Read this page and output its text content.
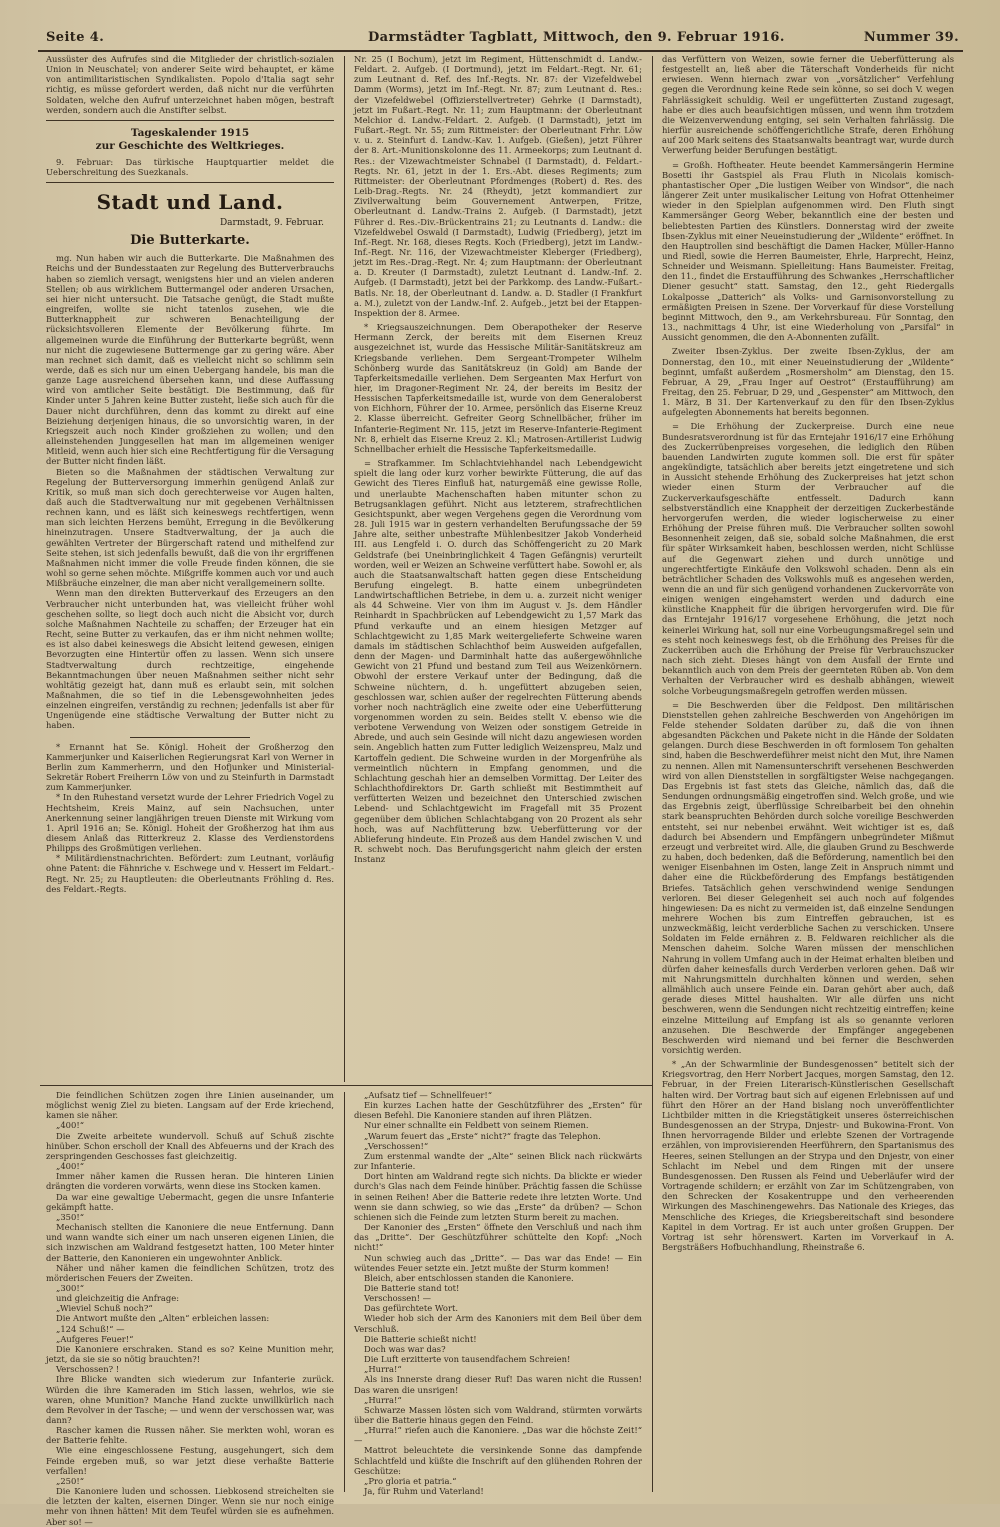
Seite 4.	Darmstädter Tagblatt, Mittwoch, den 9. Februar 1916.	Nummer 39.

Aussüster des Aufrufes sind die Mitglieder der christlich-sozialen Union in Neuschatel; von anderer Seite wird behauptet, er käme von antimilitaristischen Syndikalisten. Popolo d'Italia sagt sehr richtig, es müsse gefordert werden, daß nicht nur die verführten Soldaten, welche den Aufruf unterzeichnet haben mögen, bestraft werden, sondern auch die Anstifter selbst.

Tageskalender 1915
zur Geschichte des Weltkrieges.

9. Februar: Das türkische Hauptquartier meldet die Ueberschreitung des Suezkanals.

Stadt und Land.
Darmstadt, 9. Februar.
Die Butterkarte.

mg. Nun haben wir auch die Butterkarte. Die Maßnahmen des Reichs und der Bundesstaaten zur Regelung des Butterverbrauchs haben so ziemlich versagt, wenigstens hier und an vielen anderen Stellen; ob aus wirklichem Buttermangel oder anderen Ursachen, sei hier nicht untersucht. Die Tatsache genügt, die Stadt mußte eingreifen, wollte sie nicht tatenlos zusehen, wie die Butterknappheit zur schweren Benachteiligung der rücksichtsvolleren Elemente der Bevölkerung führte. Im allgemeinen wurde die Einführung der Butterkarte begrüßt, wenn nur nicht die zugewiesene Buttermenge gar zu gering wäre. Aber man rechnet sich damit, daß es vielleicht nicht so schlimm sein werde, daß es sich nur um einen Uebergang handele, bis man die ganze Lage ausreichend übersehen kann, und diese Auffassung wird von amtlicher Seite bestätigt. Die Bestimmung, daß für Kinder unter 5 Jahren keine Butter zusteht, ließe sich auch für die Dauer nicht durchführen, denn das kommt zu direkt auf eine Beiziehung derjenigen hinaus, die so unvorsichtig waren, in der Kriegszeit auch noch Kinder großziehen zu wollen; und den alleinstehenden Junggesellen hat man im allgemeinen weniger Mitleid, wenn auch hier sich eine Rechtfertigung für die Versagung der Butter nicht finden läßt.

Bieten so die Maßnahmen der städtischen Verwaltung zur Regelung der Butterversorgung immerhin genügend Anlaß zur Kritik, so muß man sich doch gerechterweise vor Augen halten, daß auch die Stadtverwaltung nur mit gegebenen Verhältnissen rechnen kann, und es läßt sich keineswegs rechtfertigen, wenn man sich leichten Herzens bemüht, Erregung in die Bevölkerung hineinzutragen. Unsere Stadtverwaltung, der ja auch die gewählten Vertreter der Bürgerschaft ratend und mithelfend zur Seite stehen, ist sich jedenfalls bewußt, daß die von ihr ergriffenen Maßnahmen nicht immer die volle Freude finden können, die sie wohl so gerne sehen möchte. Mißgriffe kommen auch vor und auch Mißbräuche einzelner, die man aber nicht verallgemeinern sollte.

Wenn man den direkten Butterverkauf des Erzeugers an den Verbraucher nicht unterbunden hat, was vielleicht früher wohl geschehen sollte, so liegt doch auch nicht die Absicht vor, durch solche Maßnahmen Nachteile zu schaffen; der Erzeuger hat ein Recht, seine Butter zu verkaufen, das er ihm nicht nehmen wollte; es ist also dabei keineswegs die Absicht leitend gewesen, einigen Bevorzugten eine Hintertür offen zu lassen. Wenn sich unsere Stadtverwaltung durch rechtzeitige, eingehende Bekanntmachungen über neuen Maßnahmen seither nicht sehr wohltätig gezeigt hat, dann muß es erlaubt sein, mit solchen Maßnahmen, die so tief in die Lebensgewohnheiten jedes einzelnen eingreifen, verständig zu rechnen; jedenfalls ist aber für Ungenügende eine städtische Verwaltung der Butter nicht zu haben.

* Ernannt hat Se. Königl. Hoheit der Großherzog den Kammerjunker und Kaiserlichen Regierungsrat Karl von Werner in Berlin zum Kammerherrn, und den Hofjunker und Ministerial-Sekretär Robert Freiherrn Löw von und zu Steinfurth in Darmstadt zum Kammerjunker.

* In den Ruhestand versetzt wurde der Lehrer Friedrich Vogel zu Hechtsheim, Kreis Mainz, auf sein Nachsuchen, unter Anerkennung seiner langjährigen treuen Dienste mit Wirkung vom 1. April 1916 an; Se. Königl. Hoheit der Großherzog hat ihm aus diesem Anlaß das Ritterkreuz 2. Klasse des Verdienstordens Philipps des Großmütigen verliehen.

* Militärdienstnachrichten. Befördert: zum Leutnant, vorläufig ohne Patent: die Fähnriche v. Eschwege und v. Hessert im Feldart.-Regt. Nr. 25; zu Hauptleuten: die Oberleutnants Fröhling d. Res. des Feldart.-Regts.

Nr. 25 (I Bochum), jetzt im Regiment, Hüttenschmidt d. Landw.-Feldart. 2. Aufgeb. (I Dortmund), jetzt im Feldart.-Regt. Nr. 61; zum Leutnant d. Ref. des Inf.-Regts. Nr. 87: der Vizefeldwebel Damm (Worms), jetzt im Inf.-Regt. Nr. 87; zum Leutnant d. Res.: der Vizefeldwebel (Offizierstellvertreter) Gehrke (I Darmstadt), jetzt im Fußart.-Regt. Nr. 11; zum Hauptmann: der Oberleutnant Melchior d. Landw.-Feldart. 2. Aufgeb. (I Darmstadt), jetzt im Fußart.-Regt. Nr. 55; zum Rittmeister: der Oberleutnant Frhr. Löw v. u. z. Steinfurt d. Landw.-Kav. 1. Aufgeb. (Gießen), jetzt Führer der 8. Art.-Munitionskolonne des 11. Armeekorps; zum Leutnant d. Res.: der Vizewachtmeister Schnabel (I Darmstadt), d. Feldart.-Regts. Nr. 61, jetzt in der 1. Ers.-Abt. dieses Regiments; zum Rittmeister: der Oberleutnant Pfordmenges (Robert) d. Res. des Leib-Drag.-Regts. Nr. 24 (Rheydt), jetzt kommandiert zur Zivilverwaltung beim Gouvernement Antwerpen, Fritze, Oberleutnant d. Landw.-Trains 2. Aufgeb. (I Darmstadt), jetzt Führer d. Res.-Div.-Brückentrains 21; zu Leutnants d. Landw.: die Vizefeldwebel Oswald (I Darmstadt), Ludwig (Friedberg), jetzt im Inf.-Regt. Nr. 168, dieses Regts. Koch (Friedberg), jetzt im Landw.-Inf.-Regt. Nr. 116, der Vizewachtmeister Kleberger (Friedberg), jetzt im Res.-Drag.-Regt. Nr. 4; zum Hauptmann: der Oberleutnant a. D. Kreuter (I Darmstadt), zuletzt Leutnant d. Landw.-Inf. 2. Aufgeb. (I Darmstadt), jetzt bei der Parkkomp. des Landw.-Fußart.-Batls. Nr. 18, der Oberleutnant d. Landw. a. D. Stadler (I Frankfurt a. M.), zuletzt von der Landw.-Inf. 2. Aufgeb., jetzt bei der Etappen-Inspektion der 8. Armee.

* Kriegsauszeichnungen. Dem Oberapotheker der Reserve Hermann Zerck, der bereits mit dem Eisernen Kreuz ausgezeichnet ist, wurde das Hessische Militär-Sanitätskreuz am Kriegsbande verliehen. Dem Sergeant-Trompeter Wilhelm Schönberg wurde das Sanitätskreuz (in Gold) am Bande der Tapferkeitsmedaille verliehen. Dem Sergeanten Max Herfurt von hier, im Dragoner-Regiment Nr. 24, der bereits im Besitz der Hessischen Tapferkeitsmedaille ist, wurde von dem Generaloberst von Eichhorn, Führer der 10. Armee, persönlich das Eiserne Kreuz 2. Klasse überreicht. Gefreiter Georg Schnellbächer, früher im Infanterie-Regiment Nr. 115, jetzt im Reserve-Infanterie-Regiment Nr. 8, erhielt das Eiserne Kreuz 2. Kl.; Matrosen-Artillerist Ludwig Schnellbacher erhielt die Hessische Tapferkeitsmedaille.

= Strafkammer. Im Schlachtviehhandel nach Lebendgewicht spielt die lang oder kurz vorher bewirkte Fütterung, die auf das Gewicht des Tieres Einfluß hat, naturgemäß eine gewisse Rolle, und unerlaubte Machenschaften haben mitunter schon zu Betrugsanklagen geführt. Nicht aus letzterem, strafrechtlichen Gesichtspunkt, aber wegen Vergehens gegen die Verordnung vom 28. Juli 1915 war in gestern verhandelten Berufungssache der 59 Jahre alte, seither unbestrafte Mühlenbesitzer Jakob Vonderheid III. aus Lengfeld i. O. durch das Schöffengericht zu 20 Mark Geldstrafe (bei Uneinbringlichkeit 4 Tagen Gefängnis) verurteilt worden, weil er Weizen an Schweine verfüttert habe. Sowohl er, als auch die Staatsanwaltschaft hatten gegen diese Entscheidung Berufung eingelegt. B. hatte einem unbegründeten Landwirtschaftlichen Betriebe, in dem u. a. zurzeit nicht weniger als 44 Schweine. Vier von ihm im August v. Js. dem Händler Reinhardt in Spachbrücken auf Lebendgewicht zu 1,57 Mark das Pfund verkaufte und an einem hiesigen Metzger auf Schlachtgewicht zu 1,85 Mark weitergelieferte Schweine waren damals im städtischen Schlachthof beim Ausweiden aufgefallen, denn der Magen- und Darminhalt hatte das außergewöhnliche Gewicht von 21 Pfund und bestand zum Teil aus Weizenkörnern. Obwohl der erstere Verkauf unter der Bedingung, daß die Schweine nüchtern, d. h. ungefüttert abzugeben seien, geschlossen war, schien außer der regelrechten Fütterung abends vorher noch nachträglich eine zweite oder eine Ueberfütterung vorgenommen worden zu sein. Beides stellt V. ebenso wie die verbotene Verwendung von Weizen oder sonstigem Getreide in Abrede, und auch sein Gesinde will nicht dazu angewiesen worden sein. Angeblich hatten zum Futter lediglich Weizenspreu, Malz und Kartoffeln gedient. Die Schweine wurden in der Morgenfrühe als vermeintlich nüchtern in Empfang genommen, und die Schlachtung geschah hier an demselben Vormittag. Der Leiter des Schlachthofdirektors Dr. Garth schließt mit Bestimmtheit auf verfütterten Weizen und bezeichnet den Unterschied zwischen Lebend- und Schlachtgewicht im Fragefall mit 35 Prozent gegenüber dem üblichen Schlachtabgang von 20 Prozent als sehr hoch, was auf Nachfütterung bzw. Ueberfütterung vor der Ablieferung hindeute. Ein Prozeß aus dem Handel zwischen V. und R. schwebt noch. Das Berufungsgericht nahm gleich der ersten Instanz

das Verfüttern von Weizen, sowie ferner die Ueberfütterung als festgestellt an, ließ aber die Täterschaft Vonderheids für nicht erwiesen. Wenn hiernach zwar von „vorsätzlicher“ Verfehlung gegen die Verordnung keine Rede sein könne, so sei doch V. wegen Fahrlässigkeit schuldig. Weil er ungefütterten Zustand zugesagt, habe er dies auch beaufsichtigen müssen, und wenn ihm trotzdem die Weizenverwendung entging, sei sein Verhalten fahrlässig. Die hierfür ausreichende schöffengerichtliche Strafe, deren Erhöhung auf 200 Mark seitens des Staatsanwalts beantragt war, wurde durch Verwerfung beider Berufungen bestätigt.

= Großh. Hoftheater. Heute beendet Kammersängerin Hermine Bosetti ihr Gastspiel als Frau Fluth in Nicolais komisch-phantastischer Oper „Die lustigen Weiber von Windsor“, die nach längerer Zeit unter musikalischer Leitung von Hofrat Ottenheimer wieder in den Spielplan aufgenommen wird. Den Fluth singt Kammersänger Georg Weber, bekanntlich eine der besten und beliebtesten Partien des Künstlers. Donnerstag wird der zweite Ibsen-Zyklus mit einer Neueinstudierung der „Wildente“ eröffnet. In den Hauptrollen sind beschäftigt die Damen Hacker, Müller-Hanno und Riedl, sowie die Herren Baumeister, Ehrle, Harprecht, Heinz, Schneider und Weismann. Spielleitung: Hans Baumeister. Freitag, den 11., findet die Erstaufführung des Schwankes „Herrschaftlicher Diener gesucht“ statt. Samstag, den 12., geht Riedergalls Lokalposse „Datterich“ als Volks- und Garnisonvorstellung zu ermäßigten Preisen in Szene. Der Vorverkauf für diese Vorstellung beginnt Mittwoch, den 9., am Verkehrsbureau. Für Sonntag, den 13., nachmittags 4 Uhr, ist eine Wiederholung von „Parsifal“ in Aussicht genommen, die den A-Abonnenten zufällt.

Zweiter Ibsen-Zyklus. Der zweite Ibsen-Zyklus, der am Donnerstag, den 10., mit einer Neueinstudierung der „Wildente“ beginnt, umfaßt außerdem „Rosmersholm“ am Dienstag, den 15. Februar, A 29, „Frau Inger auf Oestrot“ (Erstaufführung) am Freitag, den 25. Februar, D 29, und „Gespenster“ am Mittwoch, den 1. März, B 31. Der Kartenverkauf zu den für den Ibsen-Zyklus aufgelegten Abonnements hat bereits begonnen.

= Die Erhöhung der Zuckerpreise. Durch eine neue Bundesratsverordnung ist für das Erntejahr 1916/17 eine Erhöhung des Zuckerrübenpreises vorgesehen, die lediglich den Rüben bauenden Landwirten zugute kommen soll. Die erst für später angekündigte, tatsächlich aber bereits jetzt eingetretene und sich in Aussicht stehende Erhöhung des Zuckerpreises hat jetzt schon wieder einen Sturm der Verbraucher auf die Zuckerverkaufsgeschäfte entfesselt. Dadurch kann selbstverständlich eine Knappheit der derzeitigen Zuckerbestände hervorgerufen werden, die wieder logischerweise zu einer Erhöhung der Preise führen muß. Die Verbraucher sollten sowohl Besonnenheit zeigen, daß sie, sobald solche Maßnahmen, die erst für später Wirksamkeit haben, beschlossen werden, nicht Schlüsse auf die Gegenwart ziehen und durch unnötige und ungerechtfertigte Einkäufe den Volkswohl schaden. Denn als ein beträchtlicher Schaden des Volkswohls muß es angesehen werden, wenn die an und für sich genügend vorhandenen Zuckervorräte von einigen wenigen eingehamstert werden und dadurch eine künstliche Knappheit für die übrigen hervorgerufen wird. Die für das Erntejahr 1916/17 vorgesehene Erhöhung, die jetzt noch keinerlei Wirkung hat, soll nur eine Vorbeugungsmaßregel sein und es steht noch keineswegs fest, ob die Erhöhung des Preises für die Zuckerrüben auch die Erhöhung der Preise für Verbrauchszucker nach sich zieht. Dieses hängt von dem Ausfall der Ernte und bekanntlich auch von dem Preis der geernteten Rüben ab. Von dem Verhalten der Verbraucher wird es deshalb abhängen, wieweit solche Vorbeugungsmaßregeln getroffen werden müssen.

= Die Beschwerden über die Feldpost. Den militärischen Dienststellen gehen zahlreiche Beschwerden von Angehörigen im Felde stehender Soldaten darüber zu, daß die von ihnen abgesandten Päckchen und Pakete nicht in die Hände der Soldaten gelangen. Durch diese Beschwerden in oft formlosem Ton gehalten sind, haben die Beschwerdeführer meist nicht den Mut, ihre Namen zu nennen. Allen mit Namensunterschrift versehenen Beschwerden wird von allen Dienststellen in sorgfältigster Weise nachgegangen. Das Ergebnis ist fast stets das Gleiche, nämlich das, daß die Sendungen ordnungsmäßig eingetroffen sind. Welch große, und wie das Ergebnis zeigt, überflüssige Schreibarbeit bei den ohnehin stark beanspruchten Behörden durch solche voreilige Beschwerden entsteht, sei nur nebenbei erwähnt. Weit wichtiger ist es, daß dadurch bei Absendern und Empfängern unbegründeter Mißmut erzeugt und verbreitet wird. Alle, die glauben Grund zu Beschwerde zu haben, doch bedenken, daß die Beförderung, namentlich bei den weniger Eisenbahnen im Osten, lange Zeit in Anspruch nimmt und daher eine die Rückbeförderung des Empfangs bestätigenden Briefes. Tatsächlich gehen verschwindend wenige Sendungen verloren. Bei dieser Gelegenheit sei auch noch auf folgendes hingewiesen: Da es nicht zu vermeiden ist, daß einzelne Sendungen mehrere Wochen bis zum Eintreffen gebrauchen, ist es unzweckmäßig, leicht verderbliche Sachen zu verschicken. Unsere Soldaten im Felde ernähren z. B. Feldwaren reichlicher als die Menschen daheim. Solche Waren müssen der menschlichen Nahrung in vollem Umfang auch in der Heimat erhalten bleiben und dürfen daher keinesfalls durch Verderben verloren gehen. Daß wir mit Nahrungsmitteln durchhalten können und werden, sehen allmählich auch unsere Feinde ein. Daran gehört aber auch, daß gerade dieses Mittel haushalten. Wir alle dürfen uns nicht beschweren, wenn die Sendungen nicht rechtzeitig eintreffen; keine einzelne Mitteilung auf Empfang ist als so genannte verloren anzusehen. Die Beschwerde der Empfänger angegebenen Beschwerden wird niemand und bei ferner die Beschwerden vorsichtig werden.

* „An der Schwarmlinie der Bundesgenossen“ betitelt sich der Kriegsvortrag, den Herr Norbert Jacques, morgen Samstag, den 12. Februar, in der Freien Literarisch-Künstlerischen Gesellschaft halten wird. Der Vortrag baut sich auf eigenen Erlebnissen auf und führt den Hörer an der Hand bislang noch unveröffentlichter Lichtbilder mitten in die Kriegstätigkeit unseres österreichischen Bundesgenossen an der Strypa, Dnjestr- und Bukowina-Front. Von Ihnen hervorragende Bilder und erlebte Szenen der Vortragende erzählen, von improvisierenden Heerführern, den Spartanismus des Heeres, seinen Stellungen an der Strypa und den Dnjestr, von einer Schlacht im Nebel und dem Ringen mit der unsere Bundesgenossen. Den Russen als Feind und Ueberläufer wird der Vortragende schildern; er erzählt von Zar im Schützengraben, von den Schrecken der Kosakentruppe und den verheerenden Wirkungen des Maschinengewehrs. Das Nationale des Krieges, das Menschliche des Krieges, die Kriegsbereitschaft sind besondere Kapitel in dem Vortrag. Er ist auch unter großen Gruppen. Der Vortrag ist sehr hörenswert. Karten im Vorverkauf in A. Bergsträßers Hofbuchhandlung, Rheinstraße 6.

Die feindlichen Schützen zogen ihre Linien auseinander, um möglichst wenig Ziel zu bieten. Langsam auf der Erde kriechend, kamen sie näher.

„400!“

Die Zweite arbeitete wundervoll. Schuß auf Schuß zischte hinüber. Schon erscholl der Knall des Abfeuerns und der Krach des zerspringenden Geschosses fast gleichzeitig.

„400!“

Immer näher kamen die Russen heran. Die hinteren Linien drängten die vorderen vorwärts, wenn diese ins Stocken kamen.

Da war eine gewaltige Uebermacht, gegen die unsre Infanterie gekämpft hatte.

„350!“

Mechanisch stellten die Kanoniere die neue Entfernung. Dann und wann wandte sich einer um nach unseren eigenen Linien, die sich inzwischen am Waldrand festgesetzt hatten, 100 Meter hinter der Batterie, den Kanonieren ein ungewohnter Anblick.

Näher und näher kamen die feindlichen Schützen, trotz des mörderischen Feuers der Zweiten.

„300!“

und gleichzeitig die Anfrage:

„Wieviel Schuß noch?“

Die Antwort mußte den „Alten“ erbleichen lassen:

„124 Schuß!“ —

„Aufgeres Feuer!“

Die Kanoniere erschraken. Stand es so? Keine Munition mehr, jetzt, da sie sie so nötig brauchten?!

Verschossen? !

Ihre Blicke wandten sich wiederum zur Infanterie zurück. Würden die ihre Kameraden im Stich lassen, wehrlos, wie sie waren, ohne Munition? Manche Hand zuckte unwillkürlich nach dem Revolver in der Tasche; — und wenn der verschossen war, was dann?

Rascher kamen die Russen näher. Sie merkten wohl, woran es der Batterie fehlte.

Wie eine eingeschlossene Festung, ausgehungert, sich dem Feinde ergeben muß, so war jetzt diese verhaßte Batterie verfallen!

„250!“

Die Kanoniere luden und schossen. Liebkosend streichelten sie die letzten der kalten, eisernen Dinger. Wenn sie nur noch einige mehr von ihnen hätten! Mit dem Teufel würden sie es aufnehmen. Aber so! —

„Aufsatz tief — Schnellfeuer!“

Ein kurzes Lachen hatte der Geschützführer des „Ersten“ für diesen Befehl. Die Kanoniere standen auf ihren Plätzen.

Nur einer schnallte ein Feldbett von seinem Riemen.

„Warum feuert das „Erste“ nicht?“ fragte das Telephon.

„Verschossen!“

Zum erstenmal wandte der „Alte“ seinen Blick nach rückwärts zur Infanterie.

Dort hinten am Waldrand regte sich nichts. Da blickte er wieder durch's Glas nach dem Feinde hinüber. Prächtig fassen die Schüsse in seinen Reihen! Aber die Batterie redete ihre letzten Worte. Und wenn sie dann schwieg, so wie das „Erste“ da drüben? — Schon schienen sich die Feinde zum letzten Sturm bereit zu machen.

Der Kanonier des „Ersten“ öffnete den Verschluß und nach ihm das „Dritte“. Der Geschützführer schüttelte den Kopf: „Noch nicht!“

Nun schwieg auch das „Dritte“. — Das war das Ende! — Ein wütendes Feuer setzte ein. Jetzt mußte der Sturm kommen!

Bleich, aber entschlossen standen die Kanoniere.

Die Batterie stand tot!

Verschossen! —

Das gefürchtete Wort.

Wieder hob sich der Arm des Kanoniers mit dem Beil über dem Verschluß.

Die Batterie schießt nicht!

Doch was war das?

Die Luft erzitterte von tausendfachem Schreien!

„Hurra!“

Als ins Innerste drang dieser Ruf! Das waren nicht die Russen! Das waren die unsrigen!

„Hurra!“

Schwarze Massen lösten sich vom Waldrand, stürmten vorwärts über die Batterie hinaus gegen den Feind.

„Hurra!“ riefen auch die Kanoniere. „Das war die höchste Zeit!“ —

Mattrot beleuchtete die versinkende Sonne das dampfende Schlachtfeld und küßte die Inschrift auf den glühenden Rohren der Geschütze:

„Pro gloria et patria.“

Ja, für Ruhm und Vaterland!
